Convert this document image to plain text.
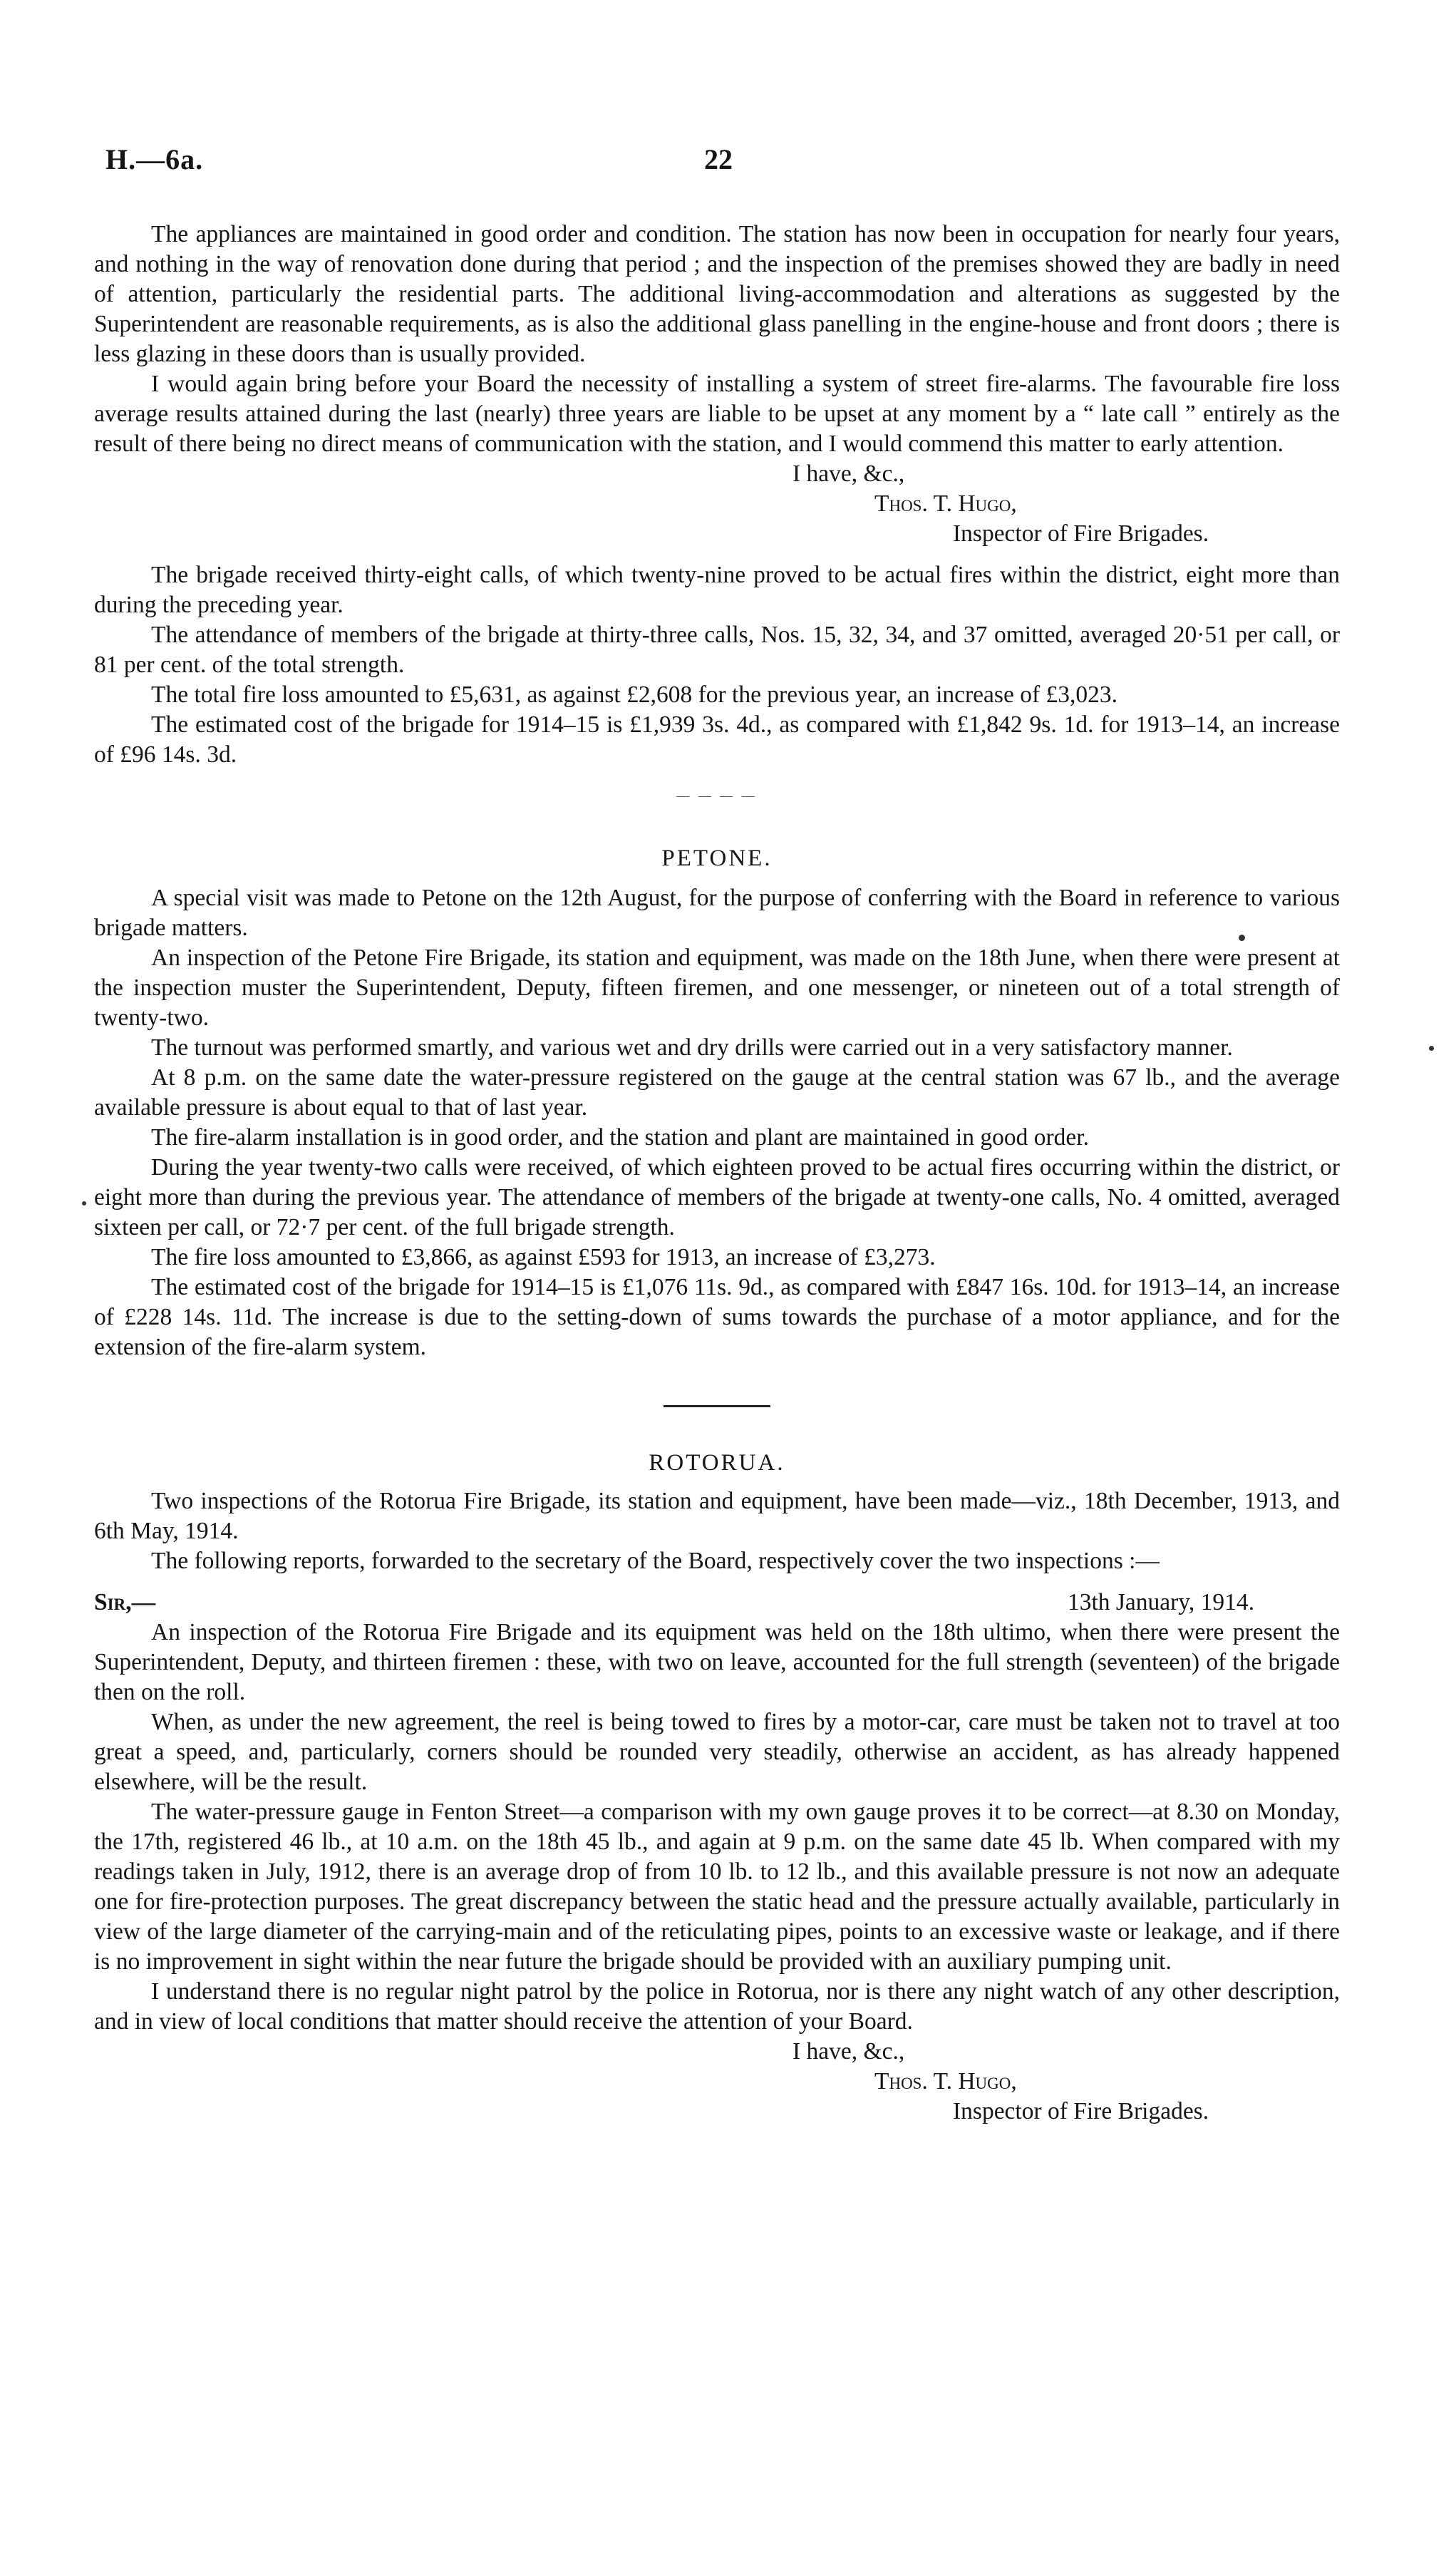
H.—6a.	22

The appliances are maintained in good order and condition. The station has now been in occupation for nearly four years, and nothing in the way of renovation done during that period ; and the inspection of the premises showed they are badly in need of attention, particularly the residential parts. The additional living-accommodation and alterations as suggested by the Superintendent are reasonable requirements, as is also the additional glass panelling in the engine-house and front doors ; there is less glazing in these doors than is usually provided.

I would again bring before your Board the necessity of installing a system of street fire-alarms. The favourable fire loss average results attained during the last (nearly) three years are liable to be upset at any moment by a “ late call ” entirely as the result of there being no direct means of communication with the station, and I would commend this matter to early attention.

I have, &c.,
Thos. T. Hugo,
Inspector of Fire Brigades.

The brigade received thirty-eight calls, of which twenty-nine proved to be actual fires within the district, eight more than during the preceding year.

The attendance of members of the brigade at thirty-three calls, Nos. 15, 32, 34, and 37 omitted, averaged 20·51 per call, or 81 per cent. of the total strength.

The total fire loss amounted to £5,631, as against £2,608 for the previous year, an increase of £3,023.

The estimated cost of the brigade for 1914–15 is £1,939 3s. 4d., as compared with £1,842 9s. 1d. for 1913–14, an increase of £96 14s. 3d.

— — — —

PETONE.

A special visit was made to Petone on the 12th August, for the purpose of conferring with the Board in reference to various brigade matters.

An inspection of the Petone Fire Brigade, its station and equipment, was made on the 18th June, when there were present at the inspection muster the Superintendent, Deputy, fifteen firemen, and one messenger, or nineteen out of a total strength of twenty-two.

The turnout was performed smartly, and various wet and dry drills were carried out in a very satisfactory manner.

At 8 p.m. on the same date the water-pressure registered on the gauge at the central station was 67 lb., and the average available pressure is about equal to that of last year.

The fire-alarm installation is in good order, and the station and plant are maintained in good order.

During the year twenty-two calls were received, of which eighteen proved to be actual fires occurring within the district, or eight more than during the previous year. The attendance of members of the brigade at twenty-one calls, No. 4 omitted, averaged sixteen per call, or 72·7 per cent. of the full brigade strength.

The fire loss amounted to £3,866, as against £593 for 1913, an increase of £3,273.

The estimated cost of the brigade for 1914–15 is £1,076 11s. 9d., as compared with £847 16s. 10d. for 1913–14, an increase of £228 14s. 11d. The increase is due to the setting-down of sums towards the purchase of a motor appliance, and for the extension of the fire-alarm system.

ROTORUA.

Two inspections of the Rotorua Fire Brigade, its station and equipment, have been made—viz., 18th December, 1913, and 6th May, 1914.

The following reports, forwarded to the secretary of the Board, respectively cover the two inspections :—

Sir,—	13th January, 1914.

An inspection of the Rotorua Fire Brigade and its equipment was held on the 18th ultimo, when there were present the Superintendent, Deputy, and thirteen firemen : these, with two on leave, accounted for the full strength (seventeen) of the brigade then on the roll.

When, as under the new agreement, the reel is being towed to fires by a motor-car, care must be taken not to travel at too great a speed, and, particularly, corners should be rounded very steadily, otherwise an accident, as has already happened elsewhere, will be the result.

The water-pressure gauge in Fenton Street—a comparison with my own gauge proves it to be correct—at 8.30 on Monday, the 17th, registered 46 lb., at 10 a.m. on the 18th 45 lb., and again at 9 p.m. on the same date 45 lb. When compared with my readings taken in July, 1912, there is an average drop of from 10 lb. to 12 lb., and this available pressure is not now an adequate one for fire-protection purposes. The great discrepancy between the static head and the pressure actually available, particularly in view of the large diameter of the carrying-main and of the reticulating pipes, points to an excessive waste or leakage, and if there is no improvement in sight within the near future the brigade should be provided with an auxiliary pumping unit.

I understand there is no regular night patrol by the police in Rotorua, nor is there any night watch of any other description, and in view of local conditions that matter should receive the attention of your Board.

I have, &c.,
Thos. T. Hugo,
Inspector of Fire Brigades.
